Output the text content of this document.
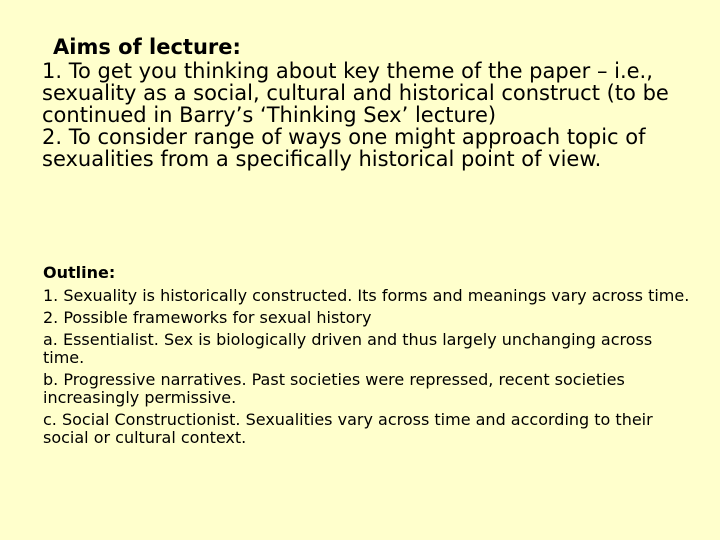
Aims of lecture:

1. To get you thinking about key theme of the paper – i.e., sexuality as a social, cultural and historical construct (to be continued in Barry’s ‘Thinking Sex’ lecture)

2. To consider range of ways one might approach topic of sexualities from a specifically historical point of view.

Outline:

1. Sexuality is historically constructed. Its forms and meanings vary across time.

2. Possible frameworks for sexual history

a. Essentialist. Sex is biologically driven and thus largely unchanging across time.

b. Progressive narratives. Past societies were repressed, recent societies increasingly permissive.

c. Social Constructionist. Sexualities vary across time and according to their social or cultural context.
